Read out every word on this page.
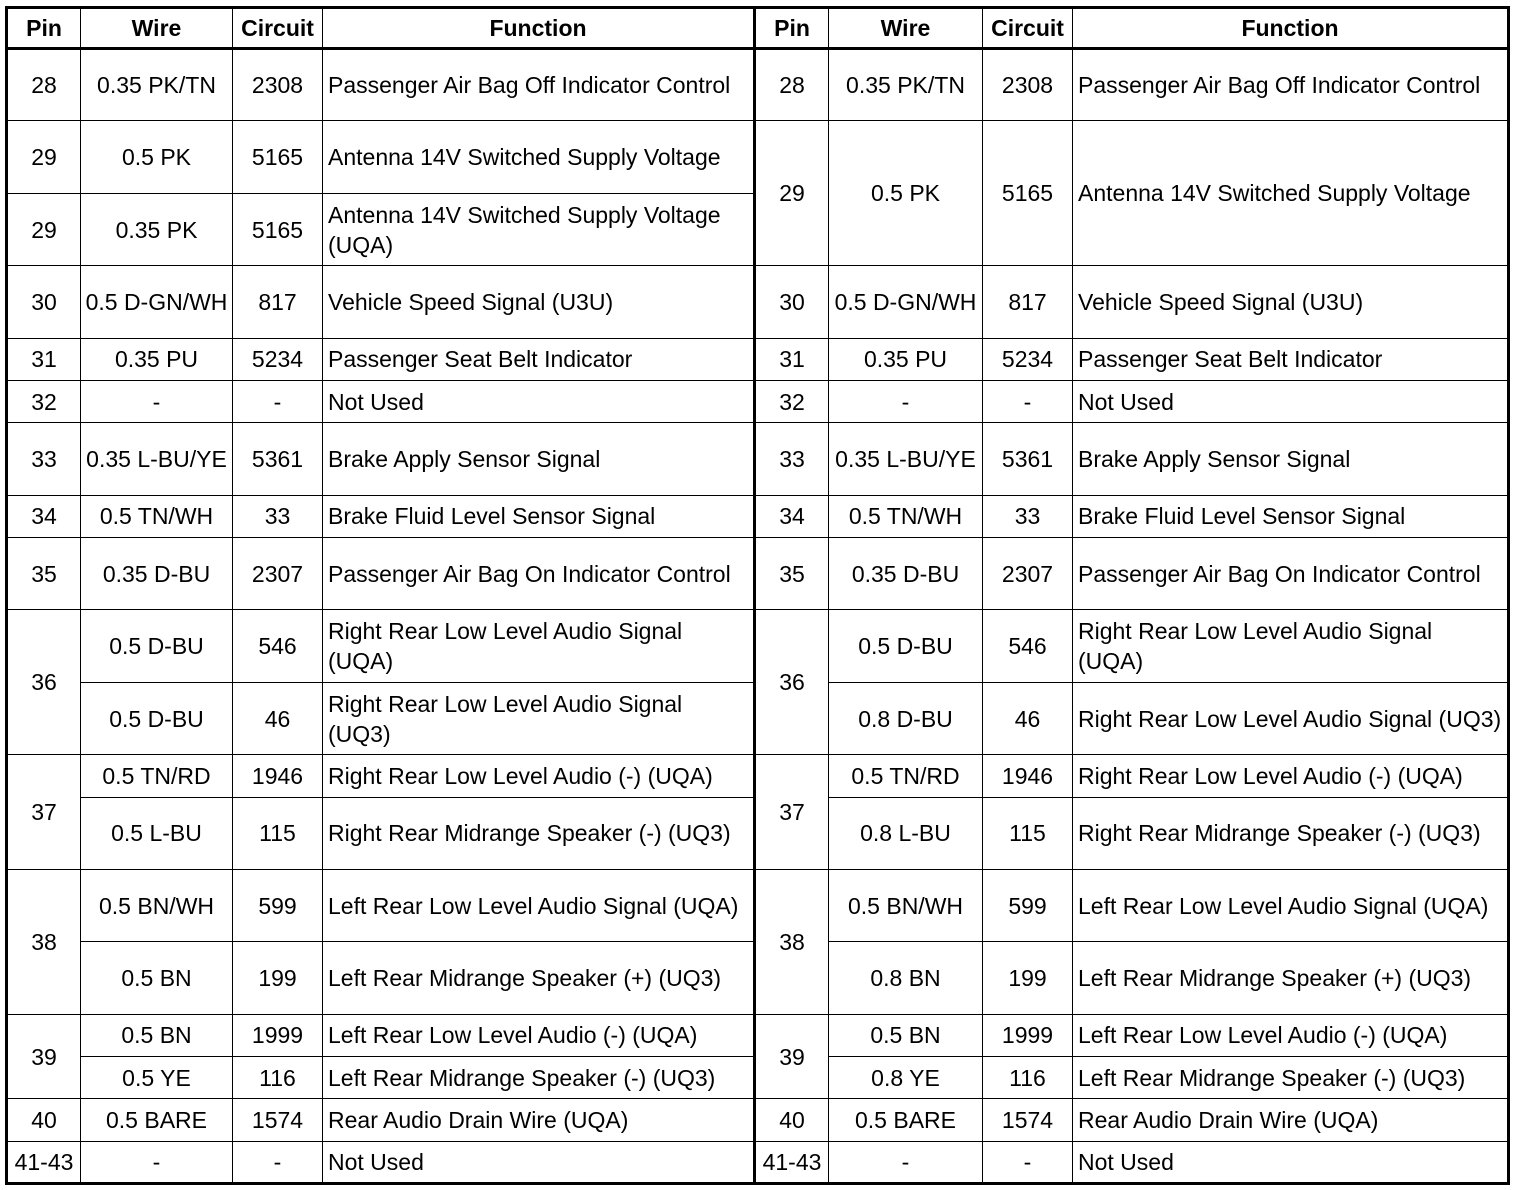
Pin	Wire	Circuit	Function	Pin	Wire	Circuit	Function
28	0.35 PK/TN	2308	Passenger Air Bag Off Indicator Control	28	0.35 PK/TN	2308	Passenger Air Bag Off Indicator Control
29	0.5 PK	5165	Antenna 14V Switched Supply Voltage	29	0.5 PK	5165	Antenna 14V Switched Supply Voltage
29	0.35 PK	5165	Antenna 14V Switched Supply Voltage (UQA)				
30	0.5 D-GN/WH	817	Vehicle Speed Signal (U3U)	30	0.5 D-GN/WH	817	Vehicle Speed Signal (U3U)
31	0.35 PU	5234	Passenger Seat Belt Indicator	31	0.35 PU	5234	Passenger Seat Belt Indicator
32	-	-	Not Used	32	-	-	Not Used
33	0.35 L-BU/YE	5361	Brake Apply Sensor Signal	33	0.35 L-BU/YE	5361	Brake Apply Sensor Signal
34	0.5 TN/WH	33	Brake Fluid Level Sensor Signal	34	0.5 TN/WH	33	Brake Fluid Level Sensor Signal
35	0.35 D-BU	2307	Passenger Air Bag On Indicator Control	35	0.35 D-BU	2307	Passenger Air Bag On Indicator Control
36	0.5 D-BU	546	Right Rear Low Level Audio Signal (UQA)	36	0.5 D-BU	546	Right Rear Low Level Audio Signal (UQA)
	0.5 D-BU	46	Right Rear Low Level Audio Signal (UQ3)		0.8 D-BU	46	Right Rear Low Level Audio Signal (UQ3)
37	0.5 TN/RD	1946	Right Rear Low Level Audio (-) (UQA)	37	0.5 TN/RD	1946	Right Rear Low Level Audio (-) (UQA)
	0.5 L-BU	115	Right Rear Midrange Speaker (-) (UQ3)		0.8 L-BU	115	Right Rear Midrange Speaker (-) (UQ3)
38	0.5 BN/WH	599	Left Rear Low Level Audio Signal (UQA)	38	0.5 BN/WH	599	Left Rear Low Level Audio Signal (UQA)
	0.5 BN	199	Left Rear Midrange Speaker (+) (UQ3)		0.8 BN	199	Left Rear Midrange Speaker (+) (UQ3)
39	0.5 BN	1999	Left Rear Low Level Audio (-) (UQA)	39	0.5 BN	1999	Left Rear Low Level Audio (-) (UQA)
	0.5 YE	116	Left Rear Midrange Speaker (-) (UQ3)		0.8 YE	116	Left Rear Midrange Speaker (-) (UQ3)
40	0.5 BARE	1574	Rear Audio Drain Wire (UQA)	40	0.5 BARE	1574	Rear Audio Drain Wire (UQA)
41-43	-	-	Not Used	41-43	-	-	Not Used
